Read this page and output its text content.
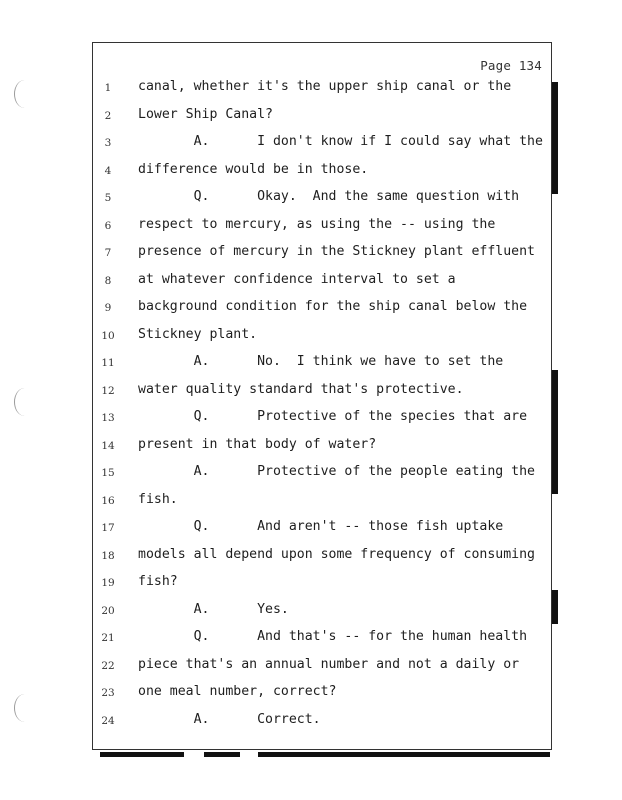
Page 134
1	canal, whether it's the upper ship canal or the
2	Lower Ship Canal?
3	A.      I don't know if I could say what the
4	difference would be in those.
5	Q.      Okay.  And the same question with
6	respect to mercury, as using the -- using the
7	presence of mercury in the Stickney plant effluent
8	at whatever confidence interval to set a
9	background condition for the ship canal below the
10	Stickney plant.
11	A.      No.  I think we have to set the
12	water quality standard that's protective.
13	Q.      Protective of the species that are
14	present in that body of water?
15	A.      Protective of the people eating the
16	fish.
17	Q.      And aren't -- those fish uptake
18	models all depend upon some frequency of consuming
19	fish?
20	A.      Yes.
21	Q.      And that's -- for the human health
22	piece that's an annual number and not a daily or
23	one meal number, correct?
24	A.      Correct.
